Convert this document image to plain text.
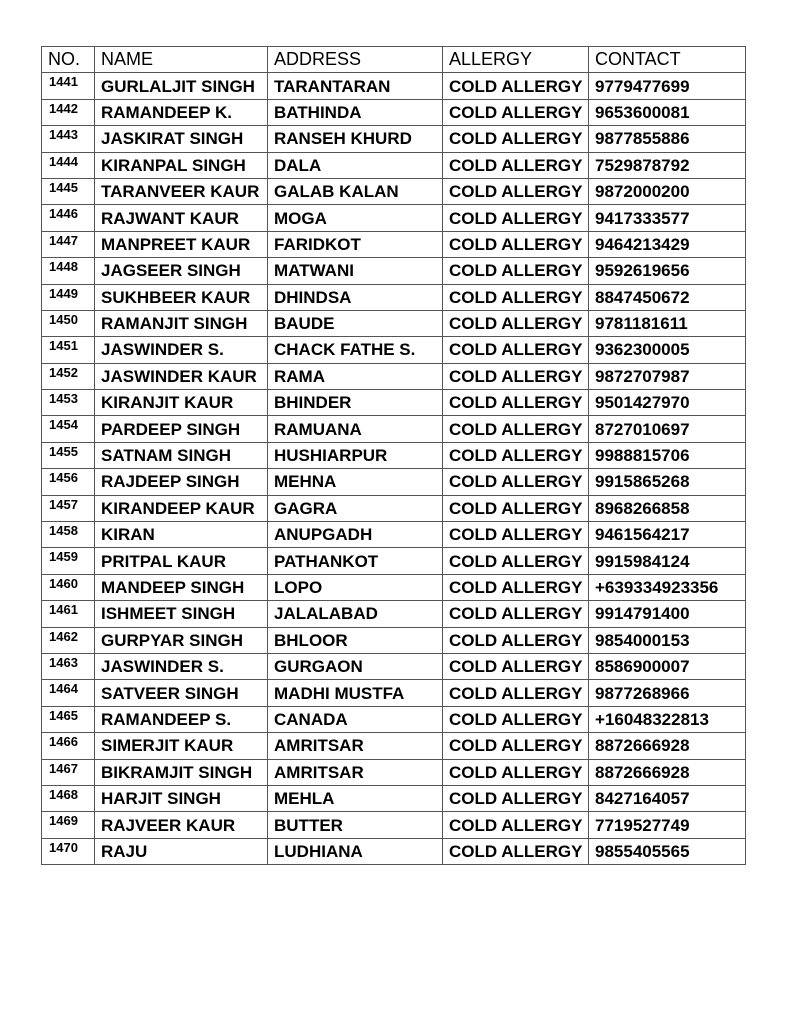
NO.	NAME	ADDRESS	ALLERGY	CONTACT
1441	GURLALJIT SINGH	TARANTARAN	COLD ALLERGY	9779477699
1442	RAMANDEEP K.	BATHINDA	COLD ALLERGY	9653600081
1443	JASKIRAT SINGH	RANSEH KHURD	COLD ALLERGY	9877855886
1444	KIRANPAL SINGH	DALA	COLD ALLERGY	7529878792
1445	TARANVEER KAUR	GALAB KALAN	COLD ALLERGY	9872000200
1446	RAJWANT KAUR	MOGA	COLD ALLERGY	9417333577
1447	MANPREET KAUR	FARIDKOT	COLD ALLERGY	9464213429
1448	JAGSEER SINGH	MATWANI	COLD ALLERGY	9592619656
1449	SUKHBEER KAUR	DHINDSA	COLD ALLERGY	8847450672
1450	RAMANJIT SINGH	BAUDE	COLD ALLERGY	9781181611
1451	JASWINDER S.	CHACK FATHE S.	COLD ALLERGY	9362300005
1452	JASWINDER KAUR	RAMA	COLD ALLERGY	9872707987
1453	KIRANJIT KAUR	BHINDER	COLD ALLERGY	9501427970
1454	PARDEEP SINGH	RAMUANA	COLD ALLERGY	8727010697
1455	SATNAM SINGH	HUSHIARPUR	COLD ALLERGY	9988815706
1456	RAJDEEP SINGH	MEHNA	COLD ALLERGY	9915865268
1457	KIRANDEEP KAUR	GAGRA	COLD ALLERGY	8968266858
1458	KIRAN	ANUPGADH	COLD ALLERGY	9461564217
1459	PRITPAL KAUR	PATHANKOT	COLD ALLERGY	9915984124
1460	MANDEEP SINGH	LOPO	COLD ALLERGY	+639334923356
1461	ISHMEET SINGH	JALALABAD	COLD ALLERGY	9914791400
1462	GURPYAR SINGH	BHLOOR	COLD ALLERGY	9854000153
1463	JASWINDER S.	GURGAON	COLD ALLERGY	8586900007
1464	SATVEER SINGH	MADHI MUSTFA	COLD ALLERGY	9877268966
1465	RAMANDEEP S.	CANADA	COLD ALLERGY	+16048322813
1466	SIMERJIT KAUR	AMRITSAR	COLD ALLERGY	8872666928
1467	BIKRAMJIT SINGH	AMRITSAR	COLD ALLERGY	8872666928
1468	HARJIT SINGH	MEHLA	COLD ALLERGY	8427164057
1469	RAJVEER KAUR	BUTTER	COLD ALLERGY	7719527749
1470	RAJU	LUDHIANA	COLD ALLERGY	9855405565
